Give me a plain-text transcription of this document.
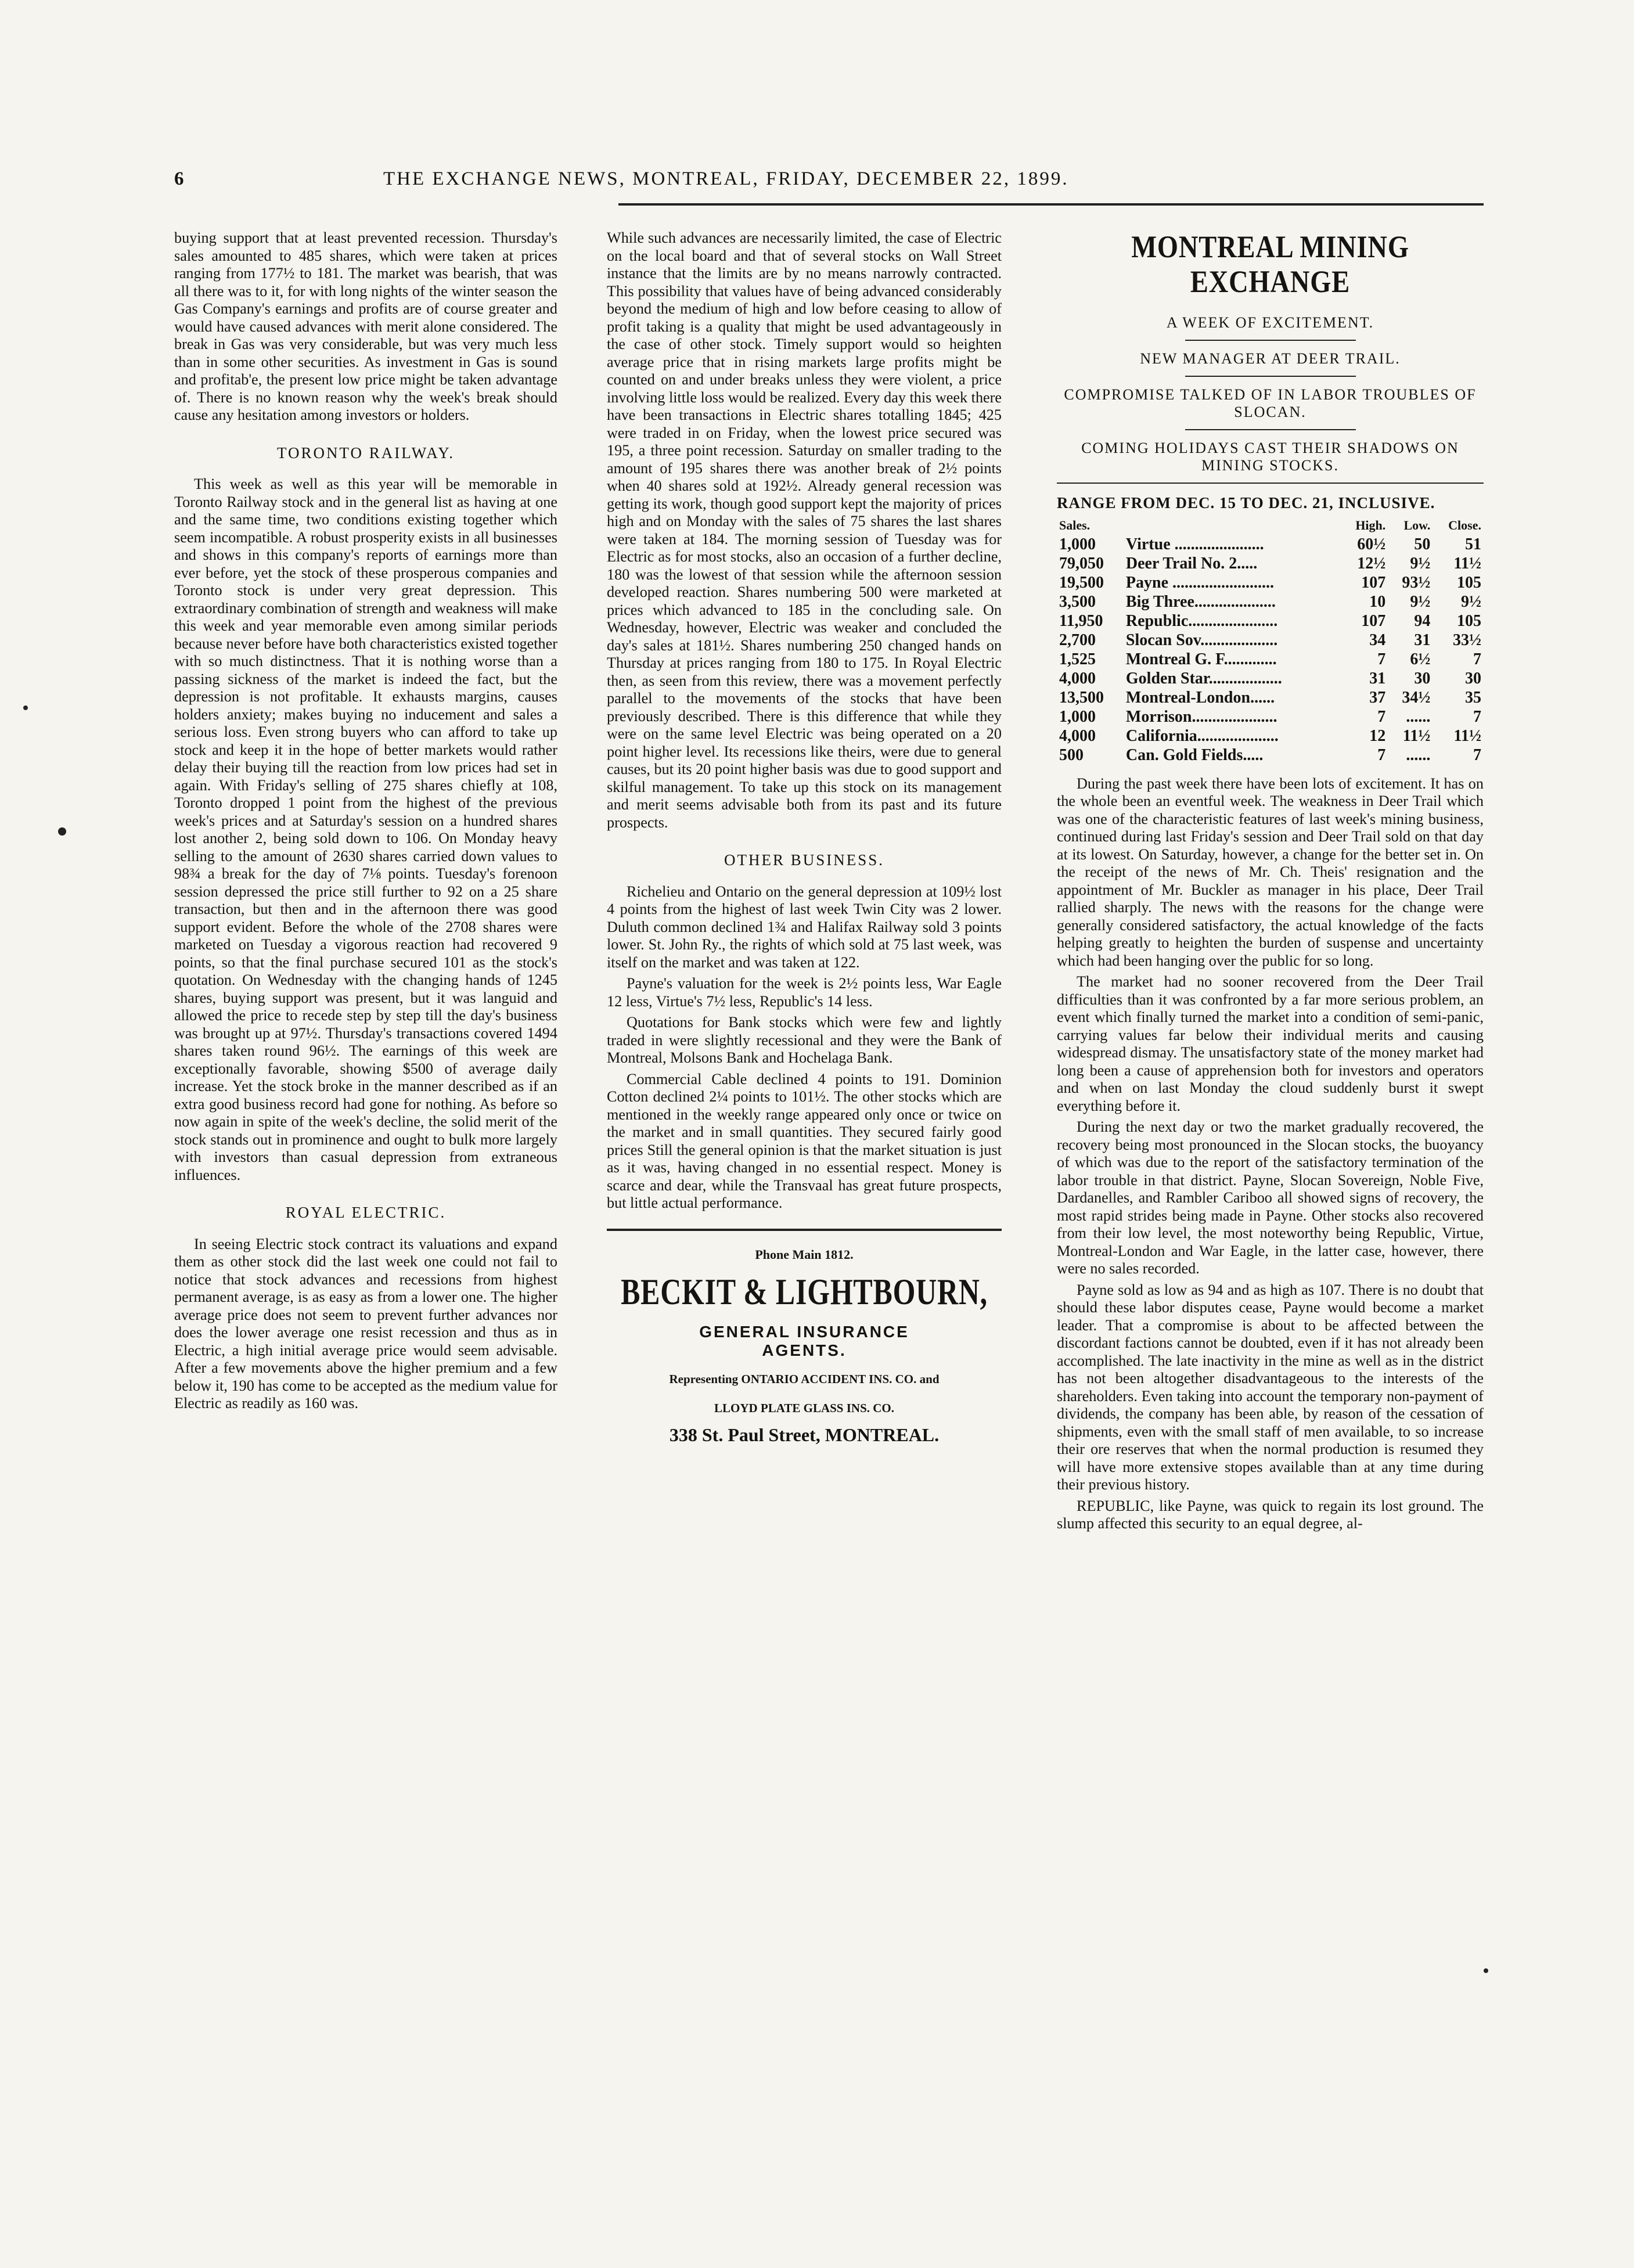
6	THE EXCHANGE NEWS, MONTREAL, FRIDAY, DECEMBER 22, 1899.

buying support that at least prevented recession. Thursday's sales amounted to 485 shares, which were taken at prices ranging from 177½ to 181. The market was bearish, that was all there was to it, for with long nights of the winter season the Gas Company's earnings and profits are of course greater and would have caused advances with merit alone considered. The break in Gas was very considerable, but was very much less than in some other securities. As investment in Gas is sound and profitab'e, the present low price might be taken advantage of. There is no known reason why the week's break should cause any hesitation among investors or holders.

TORONTO RAILWAY.

This week as well as this year will be memorable in Toronto Railway stock and in the general list as having at one and the same time, two conditions existing together which seem incompatible. A robust prosperity exists in all businesses and shows in this company's reports of earnings more than ever before, yet the stock of these prosperous companies and Toronto stock is under very great depression. This extraordinary combination of strength and weakness will make this week and year memorable even among similar periods because never before have both characteristics existed together with so much distinctness. That it is nothing worse than a passing sickness of the market is indeed the fact, but the depression is not profitable. It exhausts margins, causes holders anxiety; makes buying no inducement and sales a serious loss. Even strong buyers who can afford to take up stock and keep it in the hope of better markets would rather delay their buying till the reaction from low prices had set in again. With Friday's selling of 275 shares chiefly at 108, Toronto dropped 1 point from the highest of the previous week's prices and at Saturday's session on a hundred shares lost another 2, being sold down to 106. On Monday heavy selling to the amount of 2630 shares carried down values to 98¾ a break for the day of 7⅛ points. Tuesday's forenoon session depressed the price still further to 92 on a 25 share transaction, but then and in the afternoon there was good support evident. Before the whole of the 2708 shares were marketed on Tuesday a vigorous reaction had recovered 9 points, so that the final purchase secured 101 as the stock's quotation. On Wednesday with the changing hands of 1245 shares, buying support was present, but it was languid and allowed the price to recede step by step till the day's business was brought up at 97½. Thursday's transactions covered 1494 shares taken round 96½. The earnings of this week are exceptionally favorable, showing $500 of average daily increase. Yet the stock broke in the manner described as if an extra good business record had gone for nothing. As before so now again in spite of the week's decline, the solid merit of the stock stands out in prominence and ought to bulk more largely with investors than casual depression from extraneous influences.

ROYAL ELECTRIC.

In seeing Electric stock contract its valuations and expand them as other stock did the last week one could not fail to notice that stock advances and recessions from highest permanent average, is as easy as from a lower one. The higher average price does not seem to prevent further advances nor does the lower average one resist recession and thus as in Electric, a high initial average price would seem advisable. After a few movements above the higher premium and a few below it, 190 has come to be accepted as the medium value for Electric as readily as 160 was.

While such advances are necessarily limited, the case of Electric on the local board and that of several stocks on Wall Street instance that the limits are by no means narrowly contracted. This possibility that values have of being advanced considerably beyond the medium of high and low before ceasing to allow of profit taking is a quality that might be used advantageously in the case of other stock. Timely support would so heighten average price that in rising markets large profits might be counted on and under breaks unless they were violent, a price involving little loss would be realized. Every day this week there have been transactions in Electric shares totalling 1845; 425 were traded in on Friday, when the lowest price secured was 195, a three point recession. Saturday on smaller trading to the amount of 195 shares there was another break of 2½ points when 40 shares sold at 192½. Already general recession was getting its work, though good support kept the majority of prices high and on Monday with the sales of 75 shares the last shares were taken at 184. The morning session of Tuesday was for Electric as for most stocks, also an occasion of a further decline, 180 was the lowest of that session while the afternoon session developed reaction. Shares numbering 500 were marketed at prices which advanced to 185 in the concluding sale. On Wednesday, however, Electric was weaker and concluded the day's sales at 181½. Shares numbering 250 changed hands on Thursday at prices ranging from 180 to 175. In Royal Electric then, as seen from this review, there was a movement perfectly parallel to the movements of the stocks that have been previously described. There is this difference that while they were on the same level Electric was being operated on a 20 point higher level. Its recessions like theirs, were due to general causes, but its 20 point higher basis was due to good support and skilful management. To take up this stock on its management and merit seems advisable both from its past and its future prospects.

OTHER BUSINESS.

Richelieu and Ontario on the general depression at 109½ lost 4 points from the highest of last week Twin City was 2 lower. Duluth common declined 1¾ and Halifax Railway sold 3 points lower. St. John Ry., the rights of which sold at 75 last week, was itself on the market and was taken at 122.

Payne's valuation for the week is 2½ points less, War Eagle 12 less, Virtue's 7½ less, Republic's 14 less.

Quotations for Bank stocks which were few and lightly traded in were slightly recessional and they were the Bank of Montreal, Molsons Bank and Hochelaga Bank.

Commercial Cable declined 4 points to 191. Dominion Cotton declined 2¼ points to 101½. The other stocks which are mentioned in the weekly range appeared only once or twice on the market and in small quantities. They secured fairly good prices Still the general opinion is that the market situation is just as it was, having changed in no essential respect. Money is scarce and dear, while the Transvaal has great future prospects, but little actual performance.

Phone Main 1812.
BECKIT & LIGHTBOURN,
GENERAL INSURANCE
AGENTS.
Representing ONTARIO ACCIDENT INS. CO. and
LLOYD PLATE GLASS INS. CO.
338 St. Paul Street, MONTREAL.
MONTREAL MINING EXCHANGE
A WEEK OF EXCITEMENT.
NEW MANAGER AT DEER TRAIL.
COMPROMISE TALKED OF IN LABOR TROUBLES OF SLOCAN.
COMING HOLIDAYS CAST THEIR SHADOWS ON MINING STOCKS.
RANGE FROM DEC. 15 TO DEC. 21, INCLUSIVE.
Sales.		High.	Low.	Close.
1,000	Virtue ......................	60½	50	51
79,050	Deer Trail No. 2.....	12½	9½	11½
19,500	Payne .........................	107	93½	105
3,500	Big Three....................	10	9½	9½
11,950	Republic......................	107	94	105
2,700	Slocan Sov...................	34	31	33½
1,525	Montreal G. F.............	7	6½	7
4,000	Golden Star..................	31	30	30
13,500	Montreal-London......	37	34½	35
1,000	Morrison.....................	7	......	7
4,000	California....................	12	11½	11½
500	Can. Gold Fields.....	7	......	7

During the past week there have been lots of excitement. It has on the whole been an eventful week. The weakness in Deer Trail which was one of the characteristic features of last week's mining business, continued during last Friday's session and Deer Trail sold on that day at its lowest. On Saturday, however, a change for the better set in. On the receipt of the news of Mr. Ch. Theis' resignation and the appointment of Mr. Buckler as manager in his place, Deer Trail rallied sharply. The news with the reasons for the change were generally considered satisfactory, the actual knowledge of the facts helping greatly to heighten the burden of suspense and uncertainty which had been hanging over the public for so long.

The market had no sooner recovered from the Deer Trail difficulties than it was confronted by a far more serious problem, an event which finally turned the market into a condition of semi-panic, carrying values far below their individual merits and causing widespread dismay. The unsatisfactory state of the money market had long been a cause of apprehension both for investors and operators and when on last Monday the cloud suddenly burst it swept everything before it.

During the next day or two the market gradually recovered, the recovery being most pronounced in the Slocan stocks, the buoyancy of which was due to the report of the satisfactory termination of the labor trouble in that district. Payne, Slocan Sovereign, Noble Five, Dardanelles, and Rambler Cariboo all showed signs of recovery, the most rapid strides being made in Payne. Other stocks also recovered from their low level, the most noteworthy being Republic, Virtue, Montreal-London and War Eagle, in the latter case, however, there were no sales recorded.

Payne sold as low as 94 and as high as 107. There is no doubt that should these labor disputes cease, Payne would become a market leader. That a compromise is about to be affected between the discordant factions cannot be doubted, even if it has not already been accomplished. The late inactivity in the mine as well as in the district has not been altogether disadvantageous to the interests of the shareholders. Even taking into account the temporary non-payment of dividends, the company has been able, by reason of the cessation of shipments, even with the small staff of men available, to so increase their ore reserves that when the normal production is resumed they will have more extensive stopes available than at any time during their previous history.

REPUBLIC, like Payne, was quick to regain its lost ground. The slump affected this security to an equal degree, al-
